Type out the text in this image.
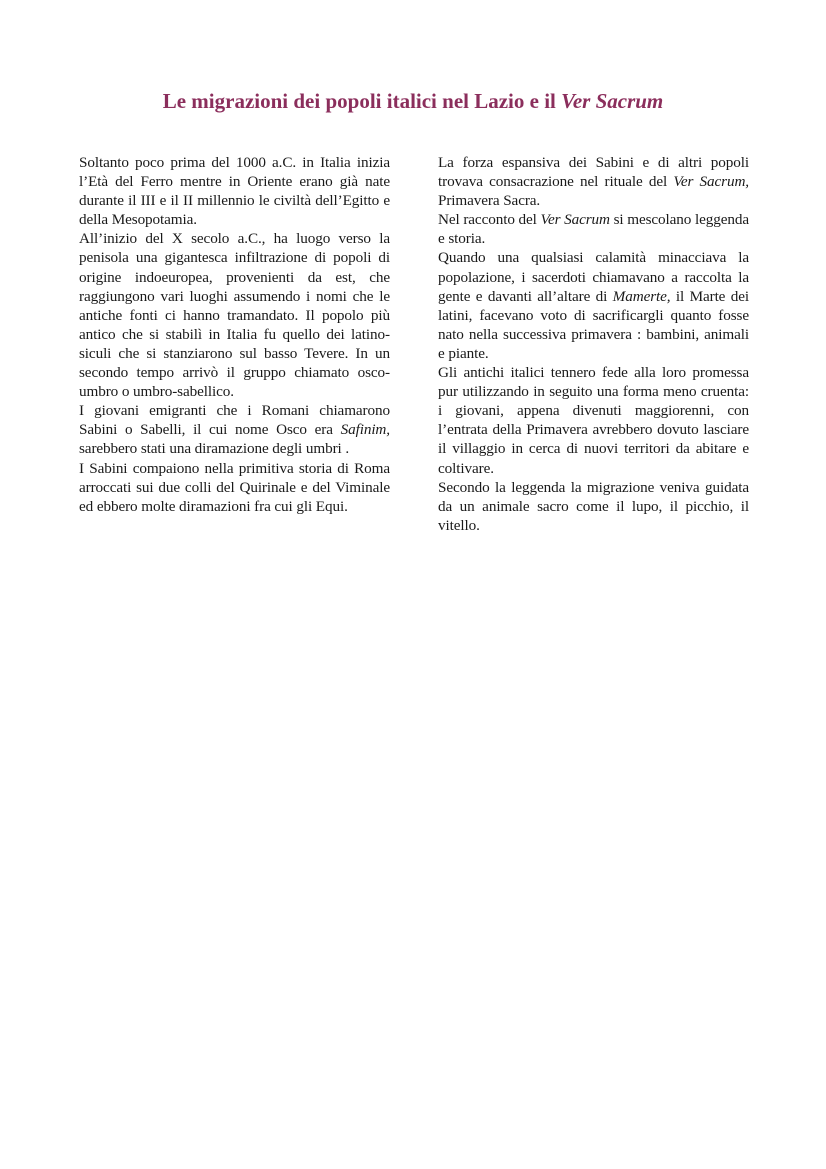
Le migrazioni dei popoli italici nel Lazio e il Ver Sacrum

Soltanto poco prima del 1000 a.C. in Italia inizia l’Età del Ferro mentre in Oriente erano già nate durante il III e il II millennio le civiltà dell’Egitto e della Mesopotamia.

All’inizio del X secolo a.C., ha luogo verso la penisola una gigantesca infiltrazione di popoli di origine indoeuropea, provenienti da est, che raggiungono vari luoghi assumendo i nomi che le antiche fonti ci hanno tramandato. Il popolo più antico che si stabilì in Italia fu quello dei latino-siculi che si stanziarono sul basso Tevere. In un secondo tempo arrivò il gruppo chiamato osco-umbro o umbro-sabellico.

I giovani emigranti che i Romani chiamarono Sabini o Sabelli, il cui nome Osco era Safinim, sarebbero stati una diramazione degli umbri .

I Sabini compaiono nella primitiva storia di Roma arroccati sui due colli del Quirinale e del Viminale ed ebbero molte diramazioni fra cui gli Equi.

La forza espansiva dei Sabini e di altri popoli trovava consacrazione nel rituale del Ver Sacrum, Primavera Sacra.

Nel racconto del Ver Sacrum si mescolano leggenda e storia.

Quando una qualsiasi calamità minacciava la popolazione, i sacerdoti chiamavano a raccolta la gente e davanti all’altare di Mamerte, il Marte dei latini, facevano voto di sacrificargli quanto fosse nato nella successiva primavera : bambini, animali e piante.

Gli antichi italici tennero fede alla loro promessa pur utilizzando in seguito una forma meno cruenta: i giovani, appena divenuti maggiorenni, con l’entrata della Primavera avrebbero dovuto lasciare il villaggio in cerca di nuovi territori da abitare e coltivare.

Secondo la leggenda la migrazione veniva guidata da un animale sacro come il lupo, il picchio, il vitello.
